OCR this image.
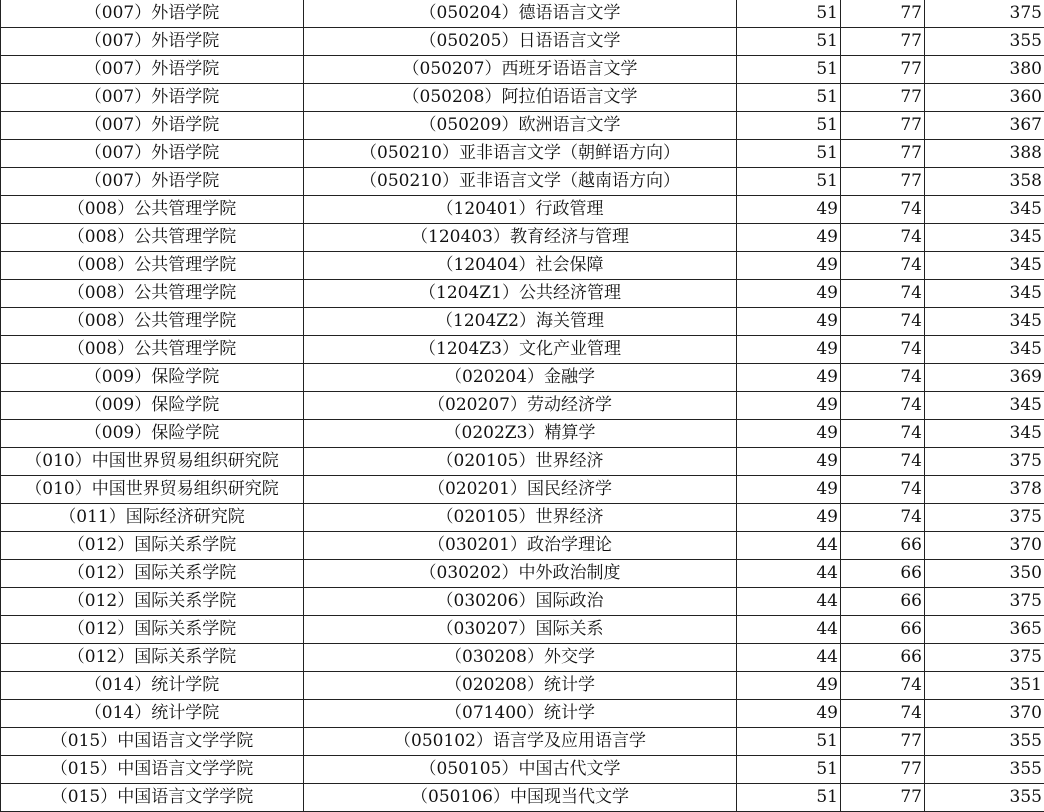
（007）外语学院	（050204）德语语言文学	51	77	375
（007）外语学院	（050205）日语语言文学	51	77	355
（007）外语学院	（050207）西班牙语语言文学	51	77	380
（007）外语学院	（050208）阿拉伯语语言文学	51	77	360
（007）外语学院	（050209）欧洲语言文学	51	77	367
（007）外语学院	（050210）亚非语言文学（朝鲜语方向）	51	77	388
（007）外语学院	（050210）亚非语言文学（越南语方向）	51	77	358
（008）公共管理学院	（120401）行政管理	49	74	345
（008）公共管理学院	（120403）教育经济与管理	49	74	345
（008）公共管理学院	（120404）社会保障	49	74	345
（008）公共管理学院	（1204Z1）公共经济管理	49	74	345
（008）公共管理学院	（1204Z2）海关管理	49	74	345
（008）公共管理学院	（1204Z3）文化产业管理	49	74	345
（009）保险学院	（020204）金融学	49	74	369
（009）保险学院	（020207）劳动经济学	49	74	345
（009）保险学院	（0202Z3）精算学	49	74	345
（010）中国世界贸易组织研究院	（020105）世界经济	49	74	375
（010）中国世界贸易组织研究院	（020201）国民经济学	49	74	378
（011）国际经济研究院	（020105）世界经济	49	74	375
（012）国际关系学院	（030201）政治学理论	44	66	370
（012）国际关系学院	（030202）中外政治制度	44	66	350
（012）国际关系学院	（030206）国际政治	44	66	375
（012）国际关系学院	（030207）国际关系	44	66	365
（012）国际关系学院	（030208）外交学	44	66	375
（014）统计学院	（020208）统计学	49	74	351
（014）统计学院	（071400）统计学	49	74	370
（015）中国语言文学学院	（050102）语言学及应用语言学	51	77	355
（015）中国语言文学学院	（050105）中国古代文学	51	77	355
（015）中国语言文学学院	（050106）中国现当代文学	51	77	355
